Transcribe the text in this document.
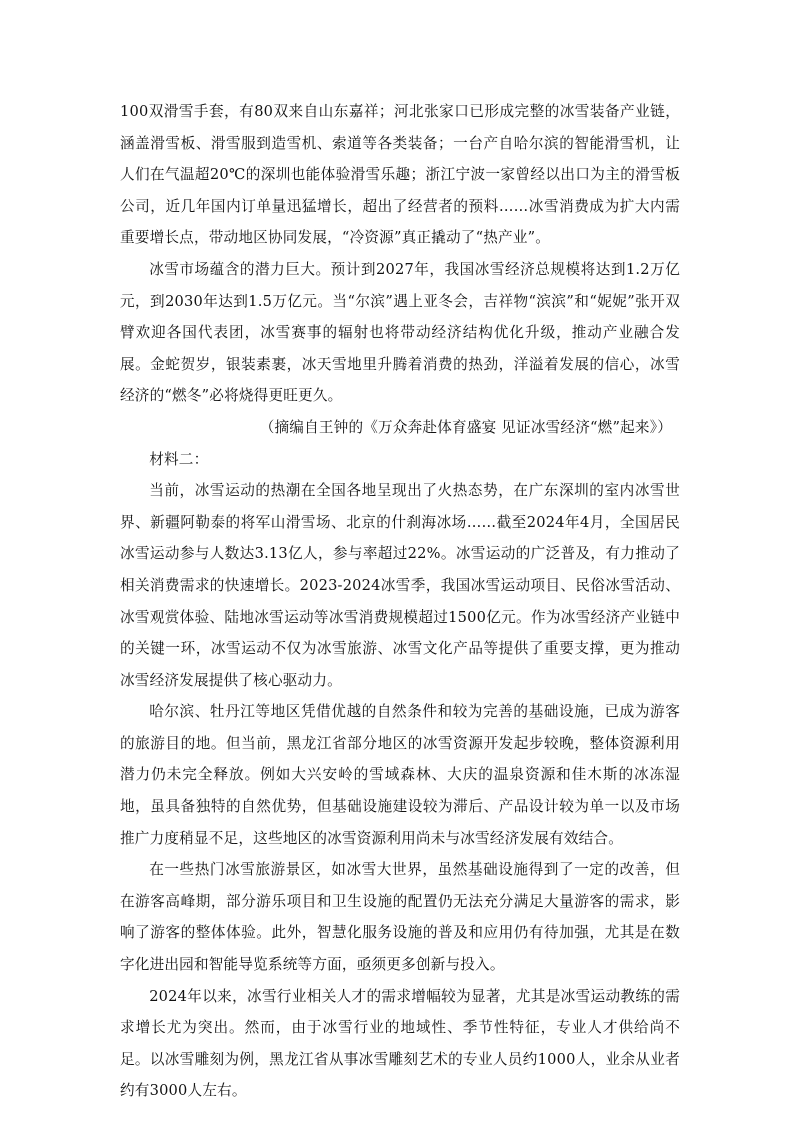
100双滑雪手套，有80双来自山东嘉祥；河北张家口已形成完整的冰雪装备产业链，涵盖滑雪板、滑雪服到造雪机、索道等各类装备；一台产自哈尔滨的智能滑雪机，让人们在气温超20℃的深圳也能体验滑雪乐趣；浙江宁波一家曾经以出口为主的滑雪板公司，近几年国内订单量迅猛增长，超出了经营者的预料……冰雪消费成为扩大内需重要增长点，带动地区协同发展，“冷资源”真正撬动了“热产业”。

冰雪市场蕴含的潜力巨大。预计到2027年，我国冰雪经济总规模将达到1.2万亿元，到2030年达到1.5万亿元。当“尔滨”遇上亚冬会，吉祥物“滨滨”和“妮妮”张开双臂欢迎各国代表团，冰雪赛事的辐射也将带动经济结构优化升级，推动产业融合发展。金蛇贺岁，银装素裹，冰天雪地里升腾着消费的热劲，洋溢着发展的信心，冰雪经济的“燃冬”必将烧得更旺更久。

（摘编自王钟的《万众奔赴体育盛宴 见证冰雪经济“燃”起来》）

材料二：

当前，冰雪运动的热潮在全国各地呈现出了火热态势，在广东深圳的室内冰雪世界、新疆阿勒泰的将军山滑雪场、北京的什刹海冰场……截至2024年4月，全国居民冰雪运动参与人数达3.13亿人，参与率超过22%。冰雪运动的广泛普及，有力推动了相关消费需求的快速增长。2023-2024冰雪季，我国冰雪运动项目、民俗冰雪活动、冰雪观赏体验、陆地冰雪运动等冰雪消费规模超过1500亿元。作为冰雪经济产业链中的关键一环，冰雪运动不仅为冰雪旅游、冰雪文化产品等提供了重要支撑，更为推动冰雪经济发展提供了核心驱动力。

哈尔滨、牡丹江等地区凭借优越的自然条件和较为完善的基础设施，已成为游客的旅游目的地。但当前，黑龙江省部分地区的冰雪资源开发起步较晚，整体资源利用潜力仍未完全释放。例如大兴安岭的雪域森林、大庆的温泉资源和佳木斯的冰冻湿地，虽具备独特的自然优势，但基础设施建设较为滞后、产品设计较为单一以及市场推广力度稍显不足，这些地区的冰雪资源利用尚未与冰雪经济发展有效结合。

在一些热门冰雪旅游景区，如冰雪大世界，虽然基础设施得到了一定的改善，但在游客高峰期，部分游乐项目和卫生设施的配置仍无法充分满足大量游客的需求，影响了游客的整体体验。此外，智慧化服务设施的普及和应用仍有待加强，尤其是在数字化进出园和智能导览系统等方面，亟须更多创新与投入。

2024年以来，冰雪行业相关人才的需求增幅较为显著，尤其是冰雪运动教练的需求增长尤为突出。然而，由于冰雪行业的地域性、季节性特征，专业人才供给尚不足。以冰雪雕刻为例，黑龙江省从事冰雪雕刻艺术的专业人员约1000人，业余从业者约有3000人左右。
